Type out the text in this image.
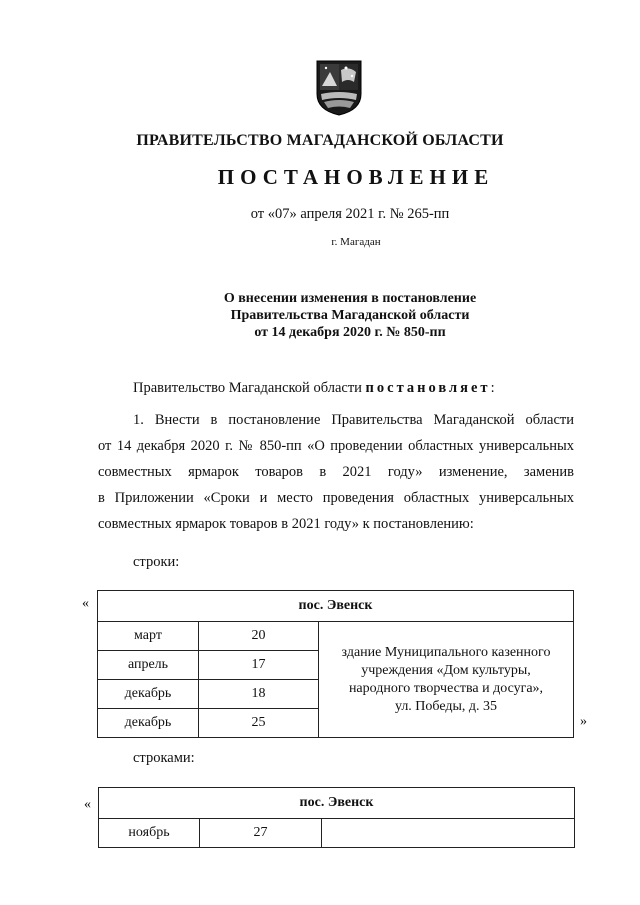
ПРАВИТЕЛЬСТВО МАГАДАНСКОЙ ОБЛАСТИ
ПОСТАНОВЛЕНИЕ
от «07» апреля 2021 г. № 265-пп
г. Магадан
О внесении изменения в постановление
Правительства Магаданской области
от 14 декабря 2020 г. № 850-пп
Правительство Магаданской области постановляет:
1. Внести в постановление Правительства Магаданской области
от 14 декабря 2020 г. № 850-пп «О проведении областных универсальных
совместных ярмарок товаров в 2021 году» изменение, заменив
в Приложении «Сроки и место проведения областных универсальных
совместных ярмарок товаров в 2021 году» к постановлению:
строки:
«	пос. Эвенск		
март	20	здание Муниципального казенного
учреждения «Дом культуры,
народного творчества и досуга»,
ул. Победы, д. 35

апрель	17	
декабрь	18	
декабрь	25		»
строками:
«	пос. Эвенск
ноябрь	27	
